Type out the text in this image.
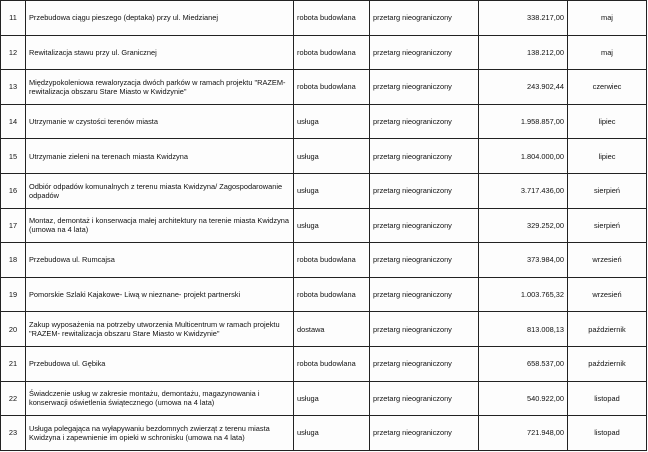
11	Przebudowa ciągu pieszego (deptaka) przy ul. Miedzianej	robota budowlana	przetarg nieograniczony	338.217,00	maj
12	Rewitalizacja stawu przy ul. Granicznej	robota budowlana	przetarg nieograniczony	138.212,00	maj
13	Międzypokoleniowa rewaloryzacja dwóch parków w ramach projektu "RAZEM- rewitalizacja obszaru Stare Miasto w Kwidzynie"	robota budowlana	przetarg nieograniczony	243.902,44	czerwiec
14	Utrzymanie w czystości terenów miasta	usługa	przetarg nieograniczony	1.958.857,00	lipiec
15	Utrzymanie zieleni na terenach miasta Kwidzyna	usługa	przetarg nieograniczony	1.804.000,00	lipiec
16	Odbiór odpadów komunalnych z terenu miasta Kwidzyna/ Zagospodarowanie odpadów	usługa	przetarg nieograniczony	3.717.436,00	sierpień
17	Montaz, demontaż i konserwacja małej architektury na terenie miasta Kwidzyna (umowa na 4 lata)	usługa	przetarg nieograniczony	329.252,00	sierpień
18	Przebudowa ul. Rumcajsa	robota budowlana	przetarg nieograniczony	373.984,00	wrzesień
19	Pomorskie Szlaki Kajakowe- Liwą w nieznane- projekt partnerski	robota budowlana	przetarg nieograniczony	1.003.765,32	wrzesień
20	Zakup wyposażenia na potrzeby utworzenia Multicentrum w ramach projektu "RAZEM- rewitalizacja obszaru Stare Miasto w Kwidzynie"	dostawa	przetarg nieograniczony	813.008,13	październik
21	Przebudowa ul. Gębika	robota budowlana	przetarg nieograniczony	658.537,00	październik
22	Świadczenie usług w zakresie montażu, demontażu, magazynowania i konserwacji oświetlenia świątecznego (umowa na 4 lata)	usługa	przetarg nieograniczony	540.922,00	listopad
23	Usługa polegająca na wyłapywaniu bezdomnych zwierząt z terenu miasta Kwidzyna i zapewnienie im opieki w schronisku (umowa na 4 lata)	usługa	przetarg nieograniczony	721.948,00	listopad
